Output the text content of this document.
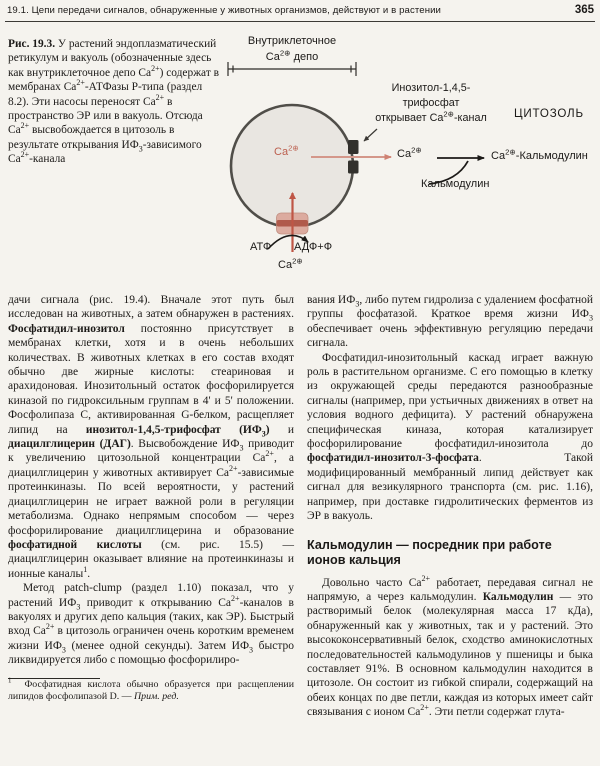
19.1. Цепи передачи сигналов, обнаруженные у животных организмов, действуют и в растении	365
Рис. 19.3. У растений эндоплазматический ретикулум и вакуоль (обозначенные здесь как внутриклеточное депо $Ca^{2+}$) содержат в мембранах $Ca^{2+}$-АТФазы P-типа (раздел 8.2). Эти насосы переносят $Ca^{2+}$ в пространство ЭР или в вакуоль. Отсюда $Ca^{2+}$ высвобождается в цитозоль в результате открывания $ИФ_3$-зависимого $Ca^{2+}$-канала
Внутриклеточное
$Ca^{2\oplus}$ депо
Инозитол-1,4,5-
трифосфат
открывает $Ca^{2\oplus}$-канал	ЦИТОЗОЛЬ
$Ca^{2\oplus}$
$Ca^{2\oplus}$
$Ca^{2\oplus}$-Кальмодулин
Кальмодулин
АТФ АДФ+Ф
$Ca^{2\oplus}$

дачи сигнала (рис. 19.4). Вначале этот путь был исследован на животных, а затем обнаружен в растениях. Фосфатидил-инозитол постоянно присутствует в мембранах клетки, хотя и в очень небольших количествах. В животных клетках в его состав входят обычно две жирные кислоты: стеариновая и арахидоновая. Инозитольный остаток фосфорилируется киназой по гидроксильным группам в 4' и 5' положении. Фосфолипаза C, активированная G-белком, расщепляет липид на инозитол-1,4,5-трифосфат $(ИФ_3)$ и диацилглицерин (ДАГ). Высвобождение $ИФ_3$ приводит к увеличению цитозольной концентрации $Ca^{2+}$, а диацилглицерин у животных активирует $Ca^{2+}$-зависимые протеинкиназы. По всей вероятности, у растений диацилглицерин не играет важной роли в регуляции метаболизма. Однако непрямым способом — через фосфорилирование диацилглицерина и образование фосфатидной кислоты (см. рис. 15.5) — диацилглицерин оказывает влияние на протеинкиназы и ионные каналы$^1$.

Метод patch-clump (раздел 1.10) показал, что у растений $ИФ_3$ приводит к открыванию $Ca^{2+}$-каналов в вакуолях и других депо кальция (таких, как ЭР). Быстрый вход $Ca^{2+}$ в цитозоль ограничен очень коротким временем жизни $ИФ_3$ (менее одной секунды). Затем $ИФ_3$ быстро ликвидируется либо с помощью фосфорилиро-

$^1$ Фосфатидная кислота обычно образуется при расщеплении липидов фосфолипазой D. — Прим. ред.

вания $ИФ_3$, либо путем гидролиза с удалением фосфатной группы фосфатазой. Краткое время жизни $ИФ_3$ обеспечивает очень эффективную регуляцию передачи сигнала.

Фосфатидил-инозитольный каскад играет важную роль в растительном организме. С его помощью в клетку из окружающей среды передаются разнообразные сигналы (например, при устьичных движениях в ответ на условия водного дефицита). У растений обнаружена специфическая киназа, которая катализирует фосфорилирование фосфатидил-инозитола до фосфатидил-инозитол-3-фосфата. Такой модифицированный мембранный липид действует как сигнал для везикулярного транспорта (см. рис. 1.16), например, при доставке гидролитических ферментов из ЭР в вакуоль.

Кальмодулин — посредник при работе ионов кальция

Довольно часто $Ca^{2+}$ работает, передавая сигнал не напрямую, а через кальмодулин. Кальмодулин — это растворимый белок (молекулярная масса 17 кДа), обнаруженный как у животных, так и у растений. Это высококонсервативный белок, сходство аминокислотных последовательностей кальмодулинов у пшеницы и быка составляет 91%. В основном кальмодулин находится в цитозоле. Он состоит из гибкой спирали, содержащий на обеих концах по две петли, каждая из которых имеет сайт связывания с ионом $Ca^{2+}$. Эти петли содержат глута-
